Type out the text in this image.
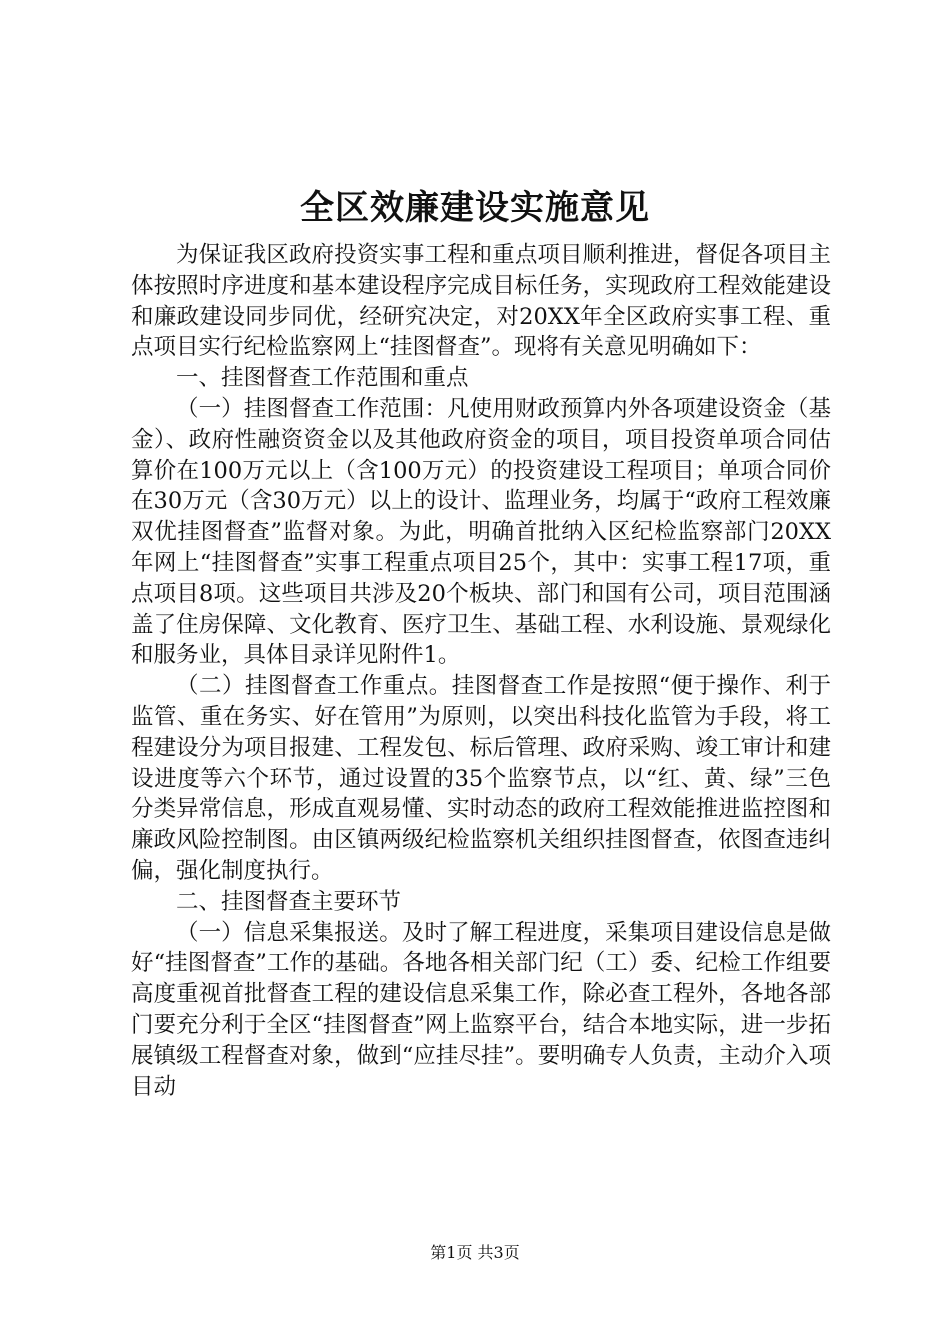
全区效廉建设实施意见

为保证我区政府投资实事工程和重点项目顺利推进，督促各项目主体按照时序进度和基本建设程序完成目标任务，实现政府工程效能建设和廉政建设同步同优，经研究决定，对20XX年全区政府实事工程、重点项目实行纪检监察网上“挂图督查”。现将有关意见明确如下：

一、挂图督查工作范围和重点

（一）挂图督查工作范围：凡使用财政预算内外各项建设资金（基金）、政府性融资资金以及其他政府资金的项目，项目投资单项合同估算价在100万元以上（含100万元）的投资建设工程项目；单项合同价在30万元（含30万元）以上的设计、监理业务，均属于“政府工程效廉双优挂图督查”监督对象。为此，明确首批纳入区纪检监察部门20XX年网上“挂图督查”实事工程重点项目25个，其中：实事工程17项，重点项目8项。这些项目共涉及20个板块、部门和国有公司，项目范围涵盖了住房保障、文化教育、医疗卫生、基础工程、水利设施、景观绿化和服务业，具体目录详见附件1。

（二）挂图督查工作重点。挂图督查工作是按照“便于操作、利于监管、重在务实、好在管用”为原则，以突出科技化监管为手段，将工程建设分为项目报建、工程发包、标后管理、政府采购、竣工审计和建设进度等六个环节，通过设置的35个监察节点，以“红、黄、绿”三色分类异常信息，形成直观易懂、实时动态的政府工程效能推进监控图和廉政风险控制图。由区镇两级纪检监察机关组织挂图督查，依图查违纠偏，强化制度执行。

二、挂图督查主要环节

（一）信息采集报送。及时了解工程进度，采集项目建设信息是做好“挂图督查”工作的基础。各地各相关部门纪（工）委、纪检工作组要高度重视首批督查工程的建设信息采集工作，除必查工程外，各地各部门要充分利于全区“挂图督查”网上监察平台，结合本地实际，进一步拓展镇级工程督查对象，做到“应挂尽挂”。要明确专人负责，主动介入项目动

第1页 共3页
